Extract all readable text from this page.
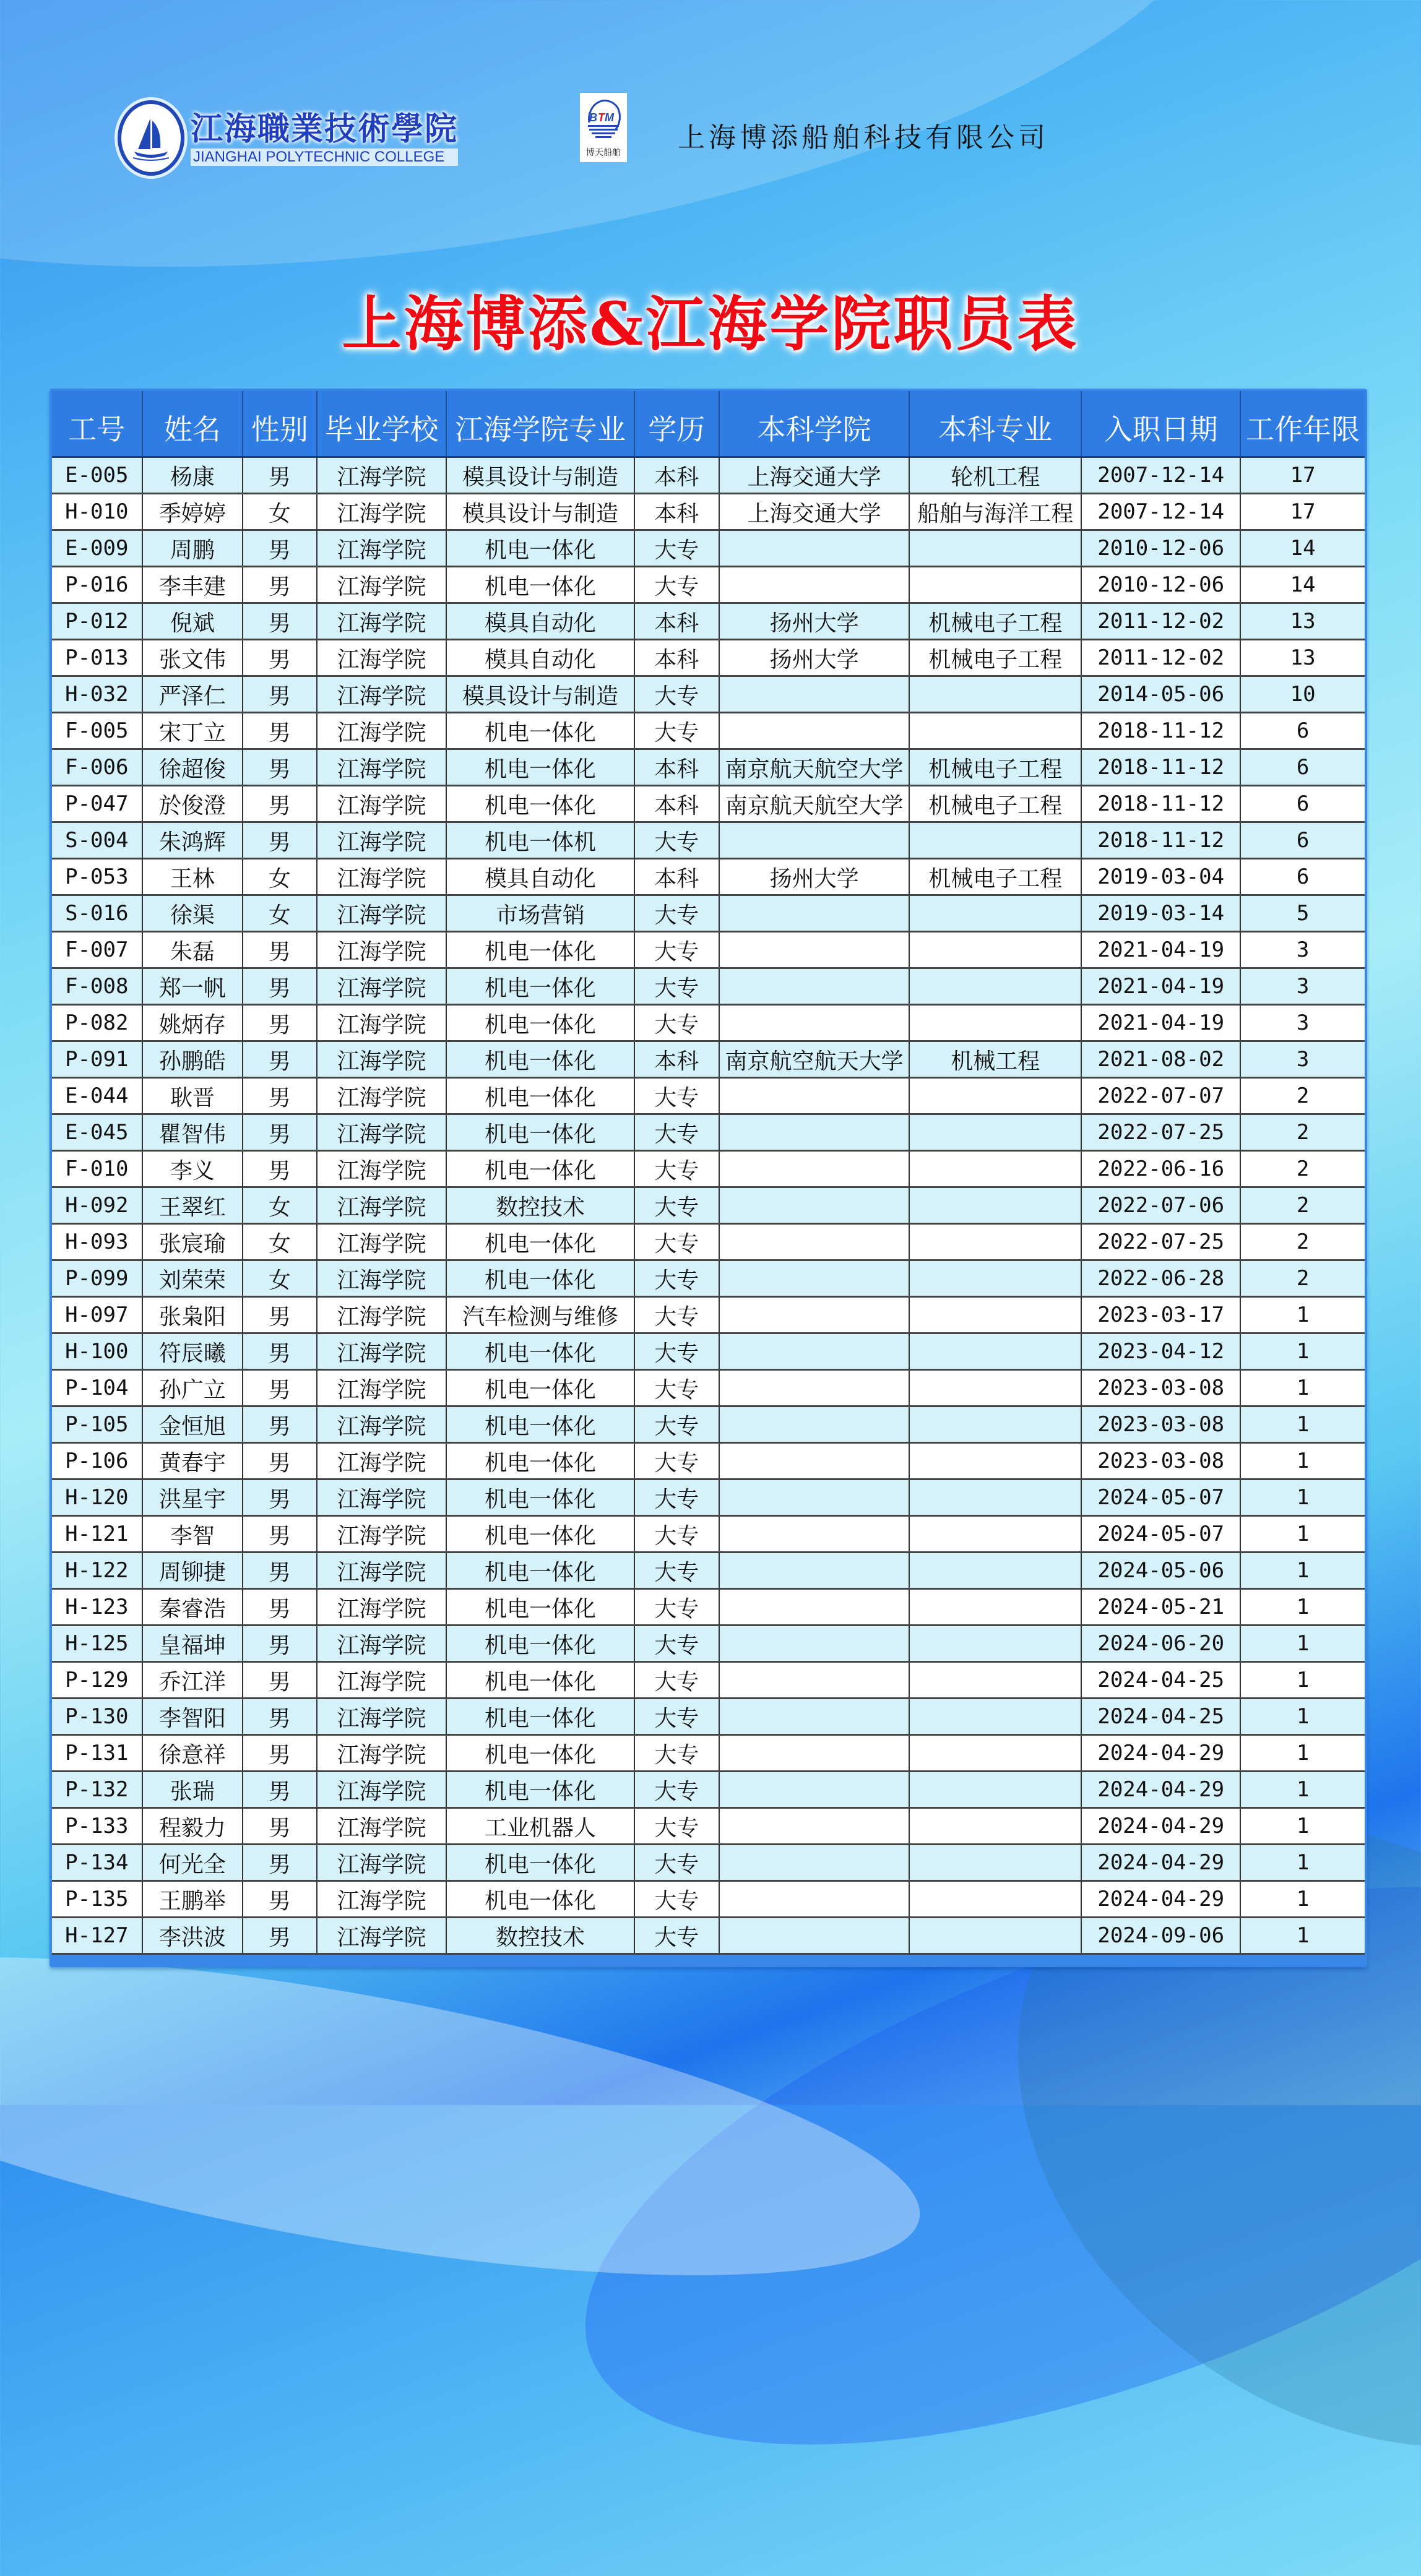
江海職業技術學院
JIANGHAI POLYTECHNIC COLLEGE
B T M
博天船舶 上海博添船舶科技有限公司
上海博添&江海学院职员表
工号	姓名	性别	毕业学校	江海学院专业	学历	本科学院	本科专业	入职日期	工作年限
E-005	杨康	男	江海学院	模具设计与制造	本科	上海交通大学	轮机工程	2007-12-14	17
H-010	季婷婷	女	江海学院	模具设计与制造	本科	上海交通大学	船舶与海洋工程	2007-12-14	17
E-009	周鹏	男	江海学院	机电一体化	大专			2010-12-06	14
P-016	李丰建	男	江海学院	机电一体化	大专			2010-12-06	14
P-012	倪斌	男	江海学院	模具自动化	本科	扬州大学	机械电子工程	2011-12-02	13
P-013	张文伟	男	江海学院	模具自动化	本科	扬州大学	机械电子工程	2011-12-02	13
H-032	严泽仁	男	江海学院	模具设计与制造	大专			2014-05-06	10
F-005	宋丁立	男	江海学院	机电一体化	大专			2018-11-12	6
F-006	徐超俊	男	江海学院	机电一体化	本科	南京航天航空大学	机械电子工程	2018-11-12	6
P-047	於俊澄	男	江海学院	机电一体化	本科	南京航天航空大学	机械电子工程	2018-11-12	6
S-004	朱鸿辉	男	江海学院	机电一体机	大专			2018-11-12	6
P-053	王林	女	江海学院	模具自动化	本科	扬州大学	机械电子工程	2019-03-04	6
S-016	徐渠	女	江海学院	市场营销	大专			2019-03-14	5
F-007	朱磊	男	江海学院	机电一体化	大专			2021-04-19	3
F-008	郑一帆	男	江海学院	机电一体化	大专			2021-04-19	3
P-082	姚炳存	男	江海学院	机电一体化	大专			2021-04-19	3
P-091	孙鹏皓	男	江海学院	机电一体化	本科	南京航空航天大学	机械工程	2021-08-02	3
E-044	耿晋	男	江海学院	机电一体化	大专			2022-07-07	2
E-045	瞿智伟	男	江海学院	机电一体化	大专			2022-07-25	2
F-010	李义	男	江海学院	机电一体化	大专			2022-06-16	2
H-092	王翠红	女	江海学院	数控技术	大专			2022-07-06	2
H-093	张宸瑜	女	江海学院	机电一体化	大专			2022-07-25	2
P-099	刘荣荣	女	江海学院	机电一体化	大专			2022-06-28	2
H-097	张枭阳	男	江海学院	汽车检测与维修	大专			2023-03-17	1
H-100	符辰曦	男	江海学院	机电一体化	大专			2023-04-12	1
P-104	孙广立	男	江海学院	机电一体化	大专			2023-03-08	1
P-105	金恒旭	男	江海学院	机电一体化	大专			2023-03-08	1
P-106	黄春宇	男	江海学院	机电一体化	大专			2023-03-08	1
H-120	洪星宇	男	江海学院	机电一体化	大专			2024-05-07	1
H-121	李智	男	江海学院	机电一体化	大专			2024-05-07	1
H-122	周铆捷	男	江海学院	机电一体化	大专			2024-05-06	1
H-123	秦睿浩	男	江海学院	机电一体化	大专			2024-05-21	1
H-125	皇福坤	男	江海学院	机电一体化	大专			2024-06-20	1
P-129	乔江洋	男	江海学院	机电一体化	大专			2024-04-25	1
P-130	李智阳	男	江海学院	机电一体化	大专			2024-04-25	1
P-131	徐意祥	男	江海学院	机电一体化	大专			2024-04-29	1
P-132	张瑞	男	江海学院	机电一体化	大专			2024-04-29	1
P-133	程毅力	男	江海学院	工业机器人	大专			2024-04-29	1
P-134	何光全	男	江海学院	机电一体化	大专			2024-04-29	1
P-135	王鹏举	男	江海学院	机电一体化	大专			2024-04-29	1
H-127	李洪波	男	江海学院	数控技术	大专			2024-09-06	1
